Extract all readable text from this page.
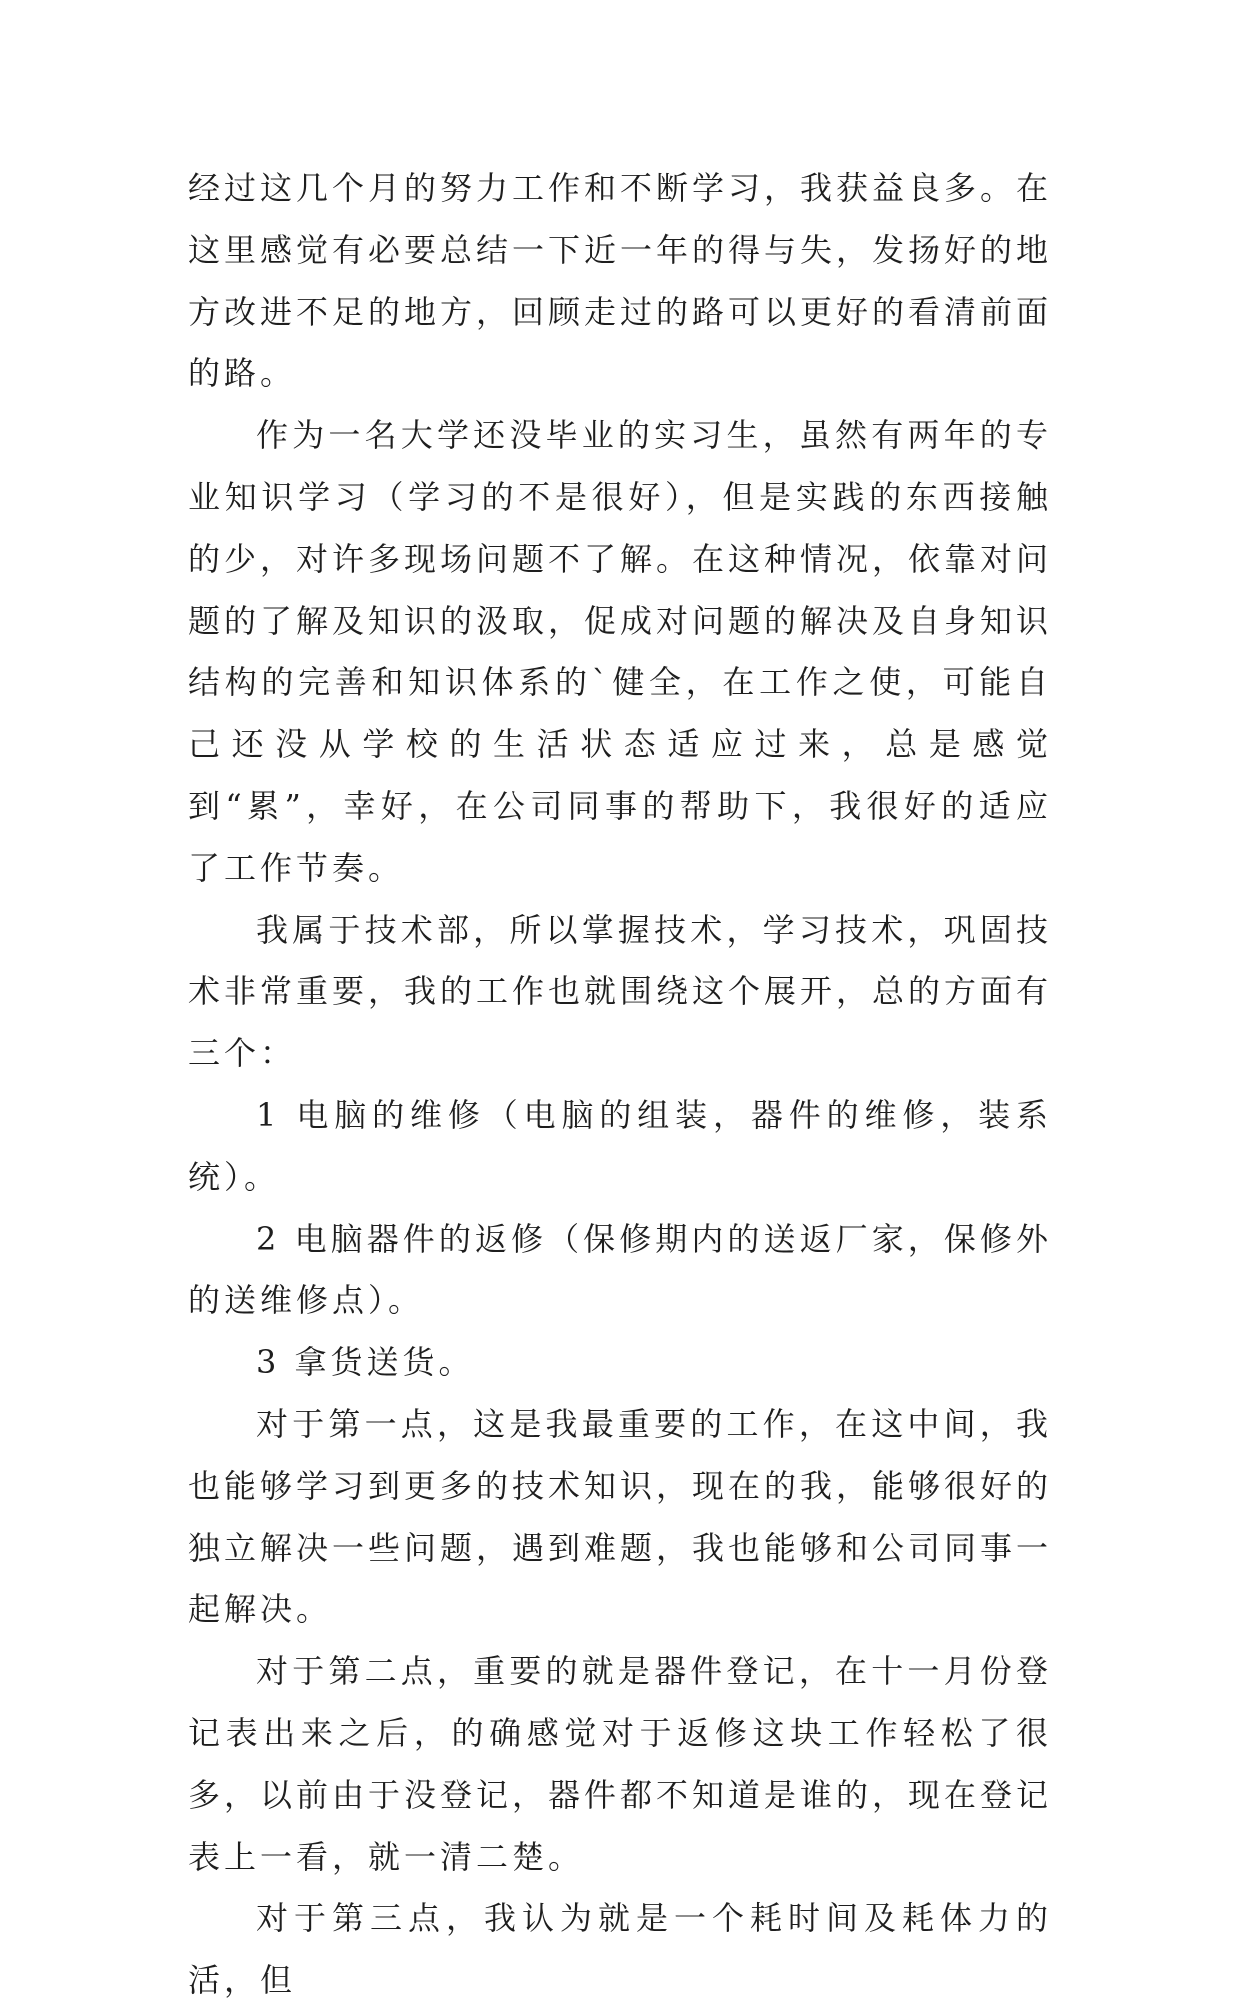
经过这几个月的努力工作和不断学习，我获益良多。在这里感觉有必要总结一下近一年的得与失，发扬好的地方改进不足的地方，回顾走过的路可以更好的看清前面的路。

作为一名大学还没毕业的实习生，虽然有两年的专业知识学习（学习的不是很好），但是实践的东西接触的少，对许多现场问题不了解。在这种情况，依靠对问题的了解及知识的汲取，促成对问题的解决及自身知识结构的完善和知识体系的`健全，在工作之使，可能自己还没从学校的生活状态适应过来，总是感觉到“累”，幸好，在公司同事的帮助下，我很好的适应了工作节奏。

我属于技术部，所以掌握技术，学习技术，巩固技术非常重要，我的工作也就围绕这个展开，总的方面有三个：

1 电脑的维修（电脑的组装，器件的维修，装系统）。

2 电脑器件的返修（保修期内的送返厂家，保修外的送维修点）。

3 拿货送货。

对于第一点，这是我最重要的工作，在这中间，我也能够学习到更多的技术知识，现在的我，能够很好的独立解决一些问题，遇到难题，我也能够和公司同事一起解决。

对于第二点，重要的就是器件登记，在十一月份登记表出来之后，的确感觉对于返修这块工作轻松了很多，以前由于没登记，器件都不知道是谁的，现在登记表上一看，就一清二楚。

对于第三点，我认为就是一个耗时间及耗体力的活，但
